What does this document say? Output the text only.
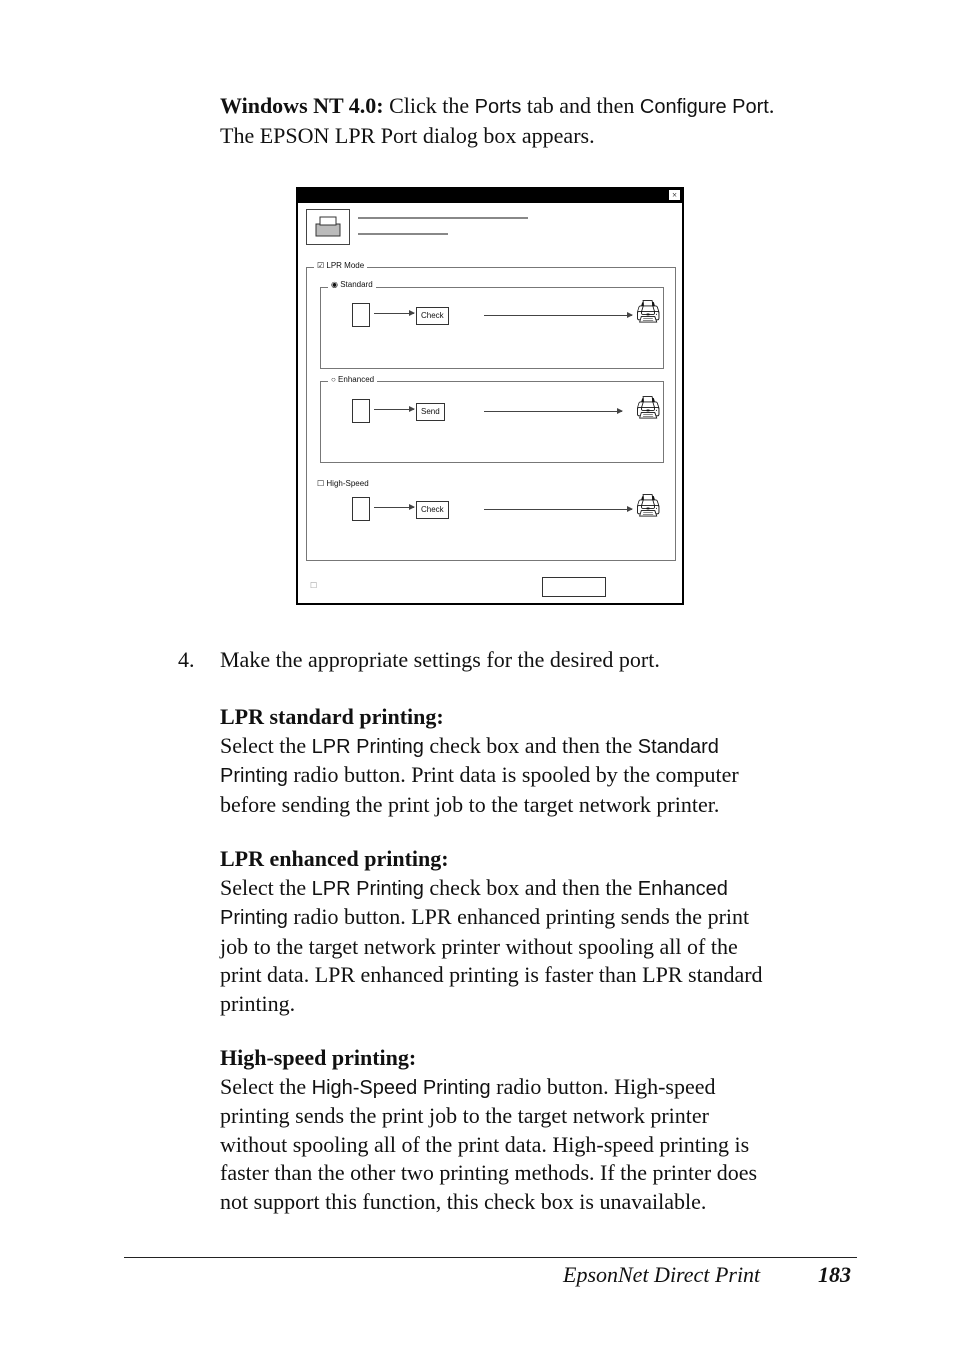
Windows NT 4.0: Click the Ports tab and then Configure Port.
The EPSON LPR Port dialog box appears.
×
☑ LPR Mode
◉ Standard
Check	🖨
○ Enhanced
Send	🖨
☐ High-Speed
Check	🖨
☐
4. Make the appropriate settings for the desired port.
LPR standard printing:
Select the LPR Printing check box and then the Standard
Printing radio button. Print data is spooled by the computer
before sending the print job to the target network printer.
LPR enhanced printing:
Select the LPR Printing check box and then the Enhanced
Printing radio button. LPR enhanced printing sends the print
job to the target network printer without spooling all of the
print data. LPR enhanced printing is faster than LPR standard
printing.
High-speed printing:
Select the High-Speed Printing radio button. High-speed
printing sends the print job to the target network printer
without spooling all of the print data. High-speed printing is
faster than the other two printing methods. If the printer does
not support this function, this check box is unavailable.
EpsonNet Direct Print	183
